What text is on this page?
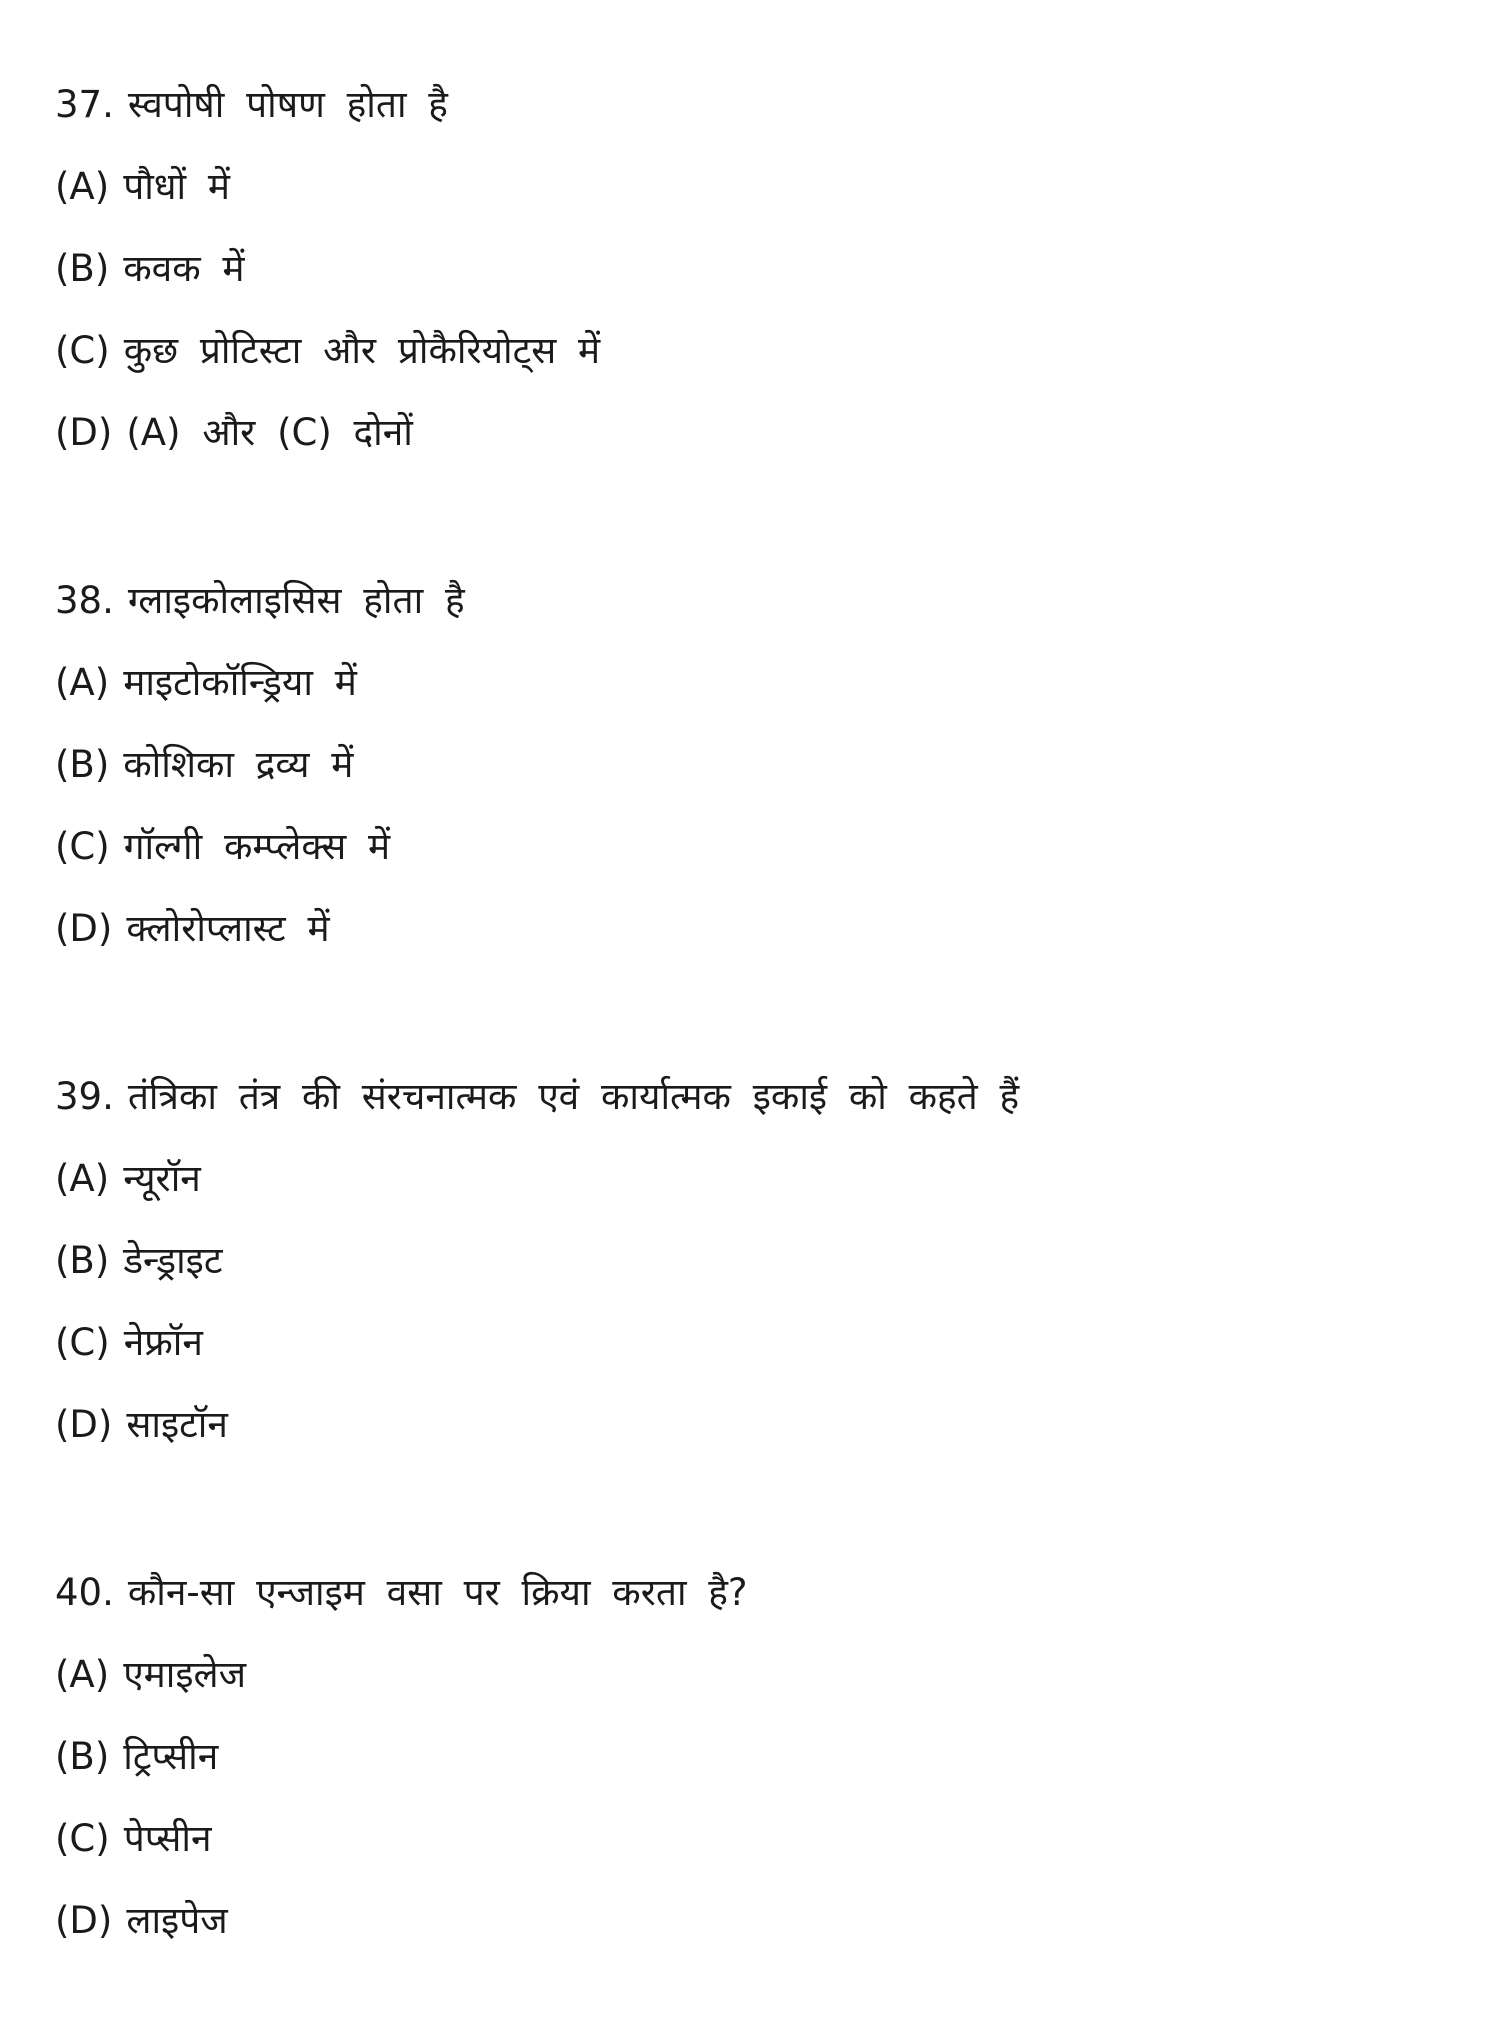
37. स्वपोषी पोषण होता है
(A) पौधों में
(B) कवक में
(C) कुछ प्रोटिस्टा और प्रोकैरियोट्स में
(D) (A) और (C) दोनों
38. ग्लाइकोलाइसिस होता है
(A) माइटोकॉन्ड्रिया में
(B) कोशिका द्रव्य में
(C) गॉल्गी कम्प्लेक्स में
(D) क्लोरोप्लास्ट में
39. तंत्रिका तंत्र की संरचनात्मक एवं कार्यात्मक इकाई को कहते हैं
(A) न्यूरॉन
(B) डेन्ड्राइट
(C) नेफ्रॉन
(D) साइटॉन
40. कौन-सा एन्जाइम वसा पर क्रिया करता है?
(A) एमाइलेज
(B) ट्रिप्सीन
(C) पेप्सीन
(D) लाइपेज
